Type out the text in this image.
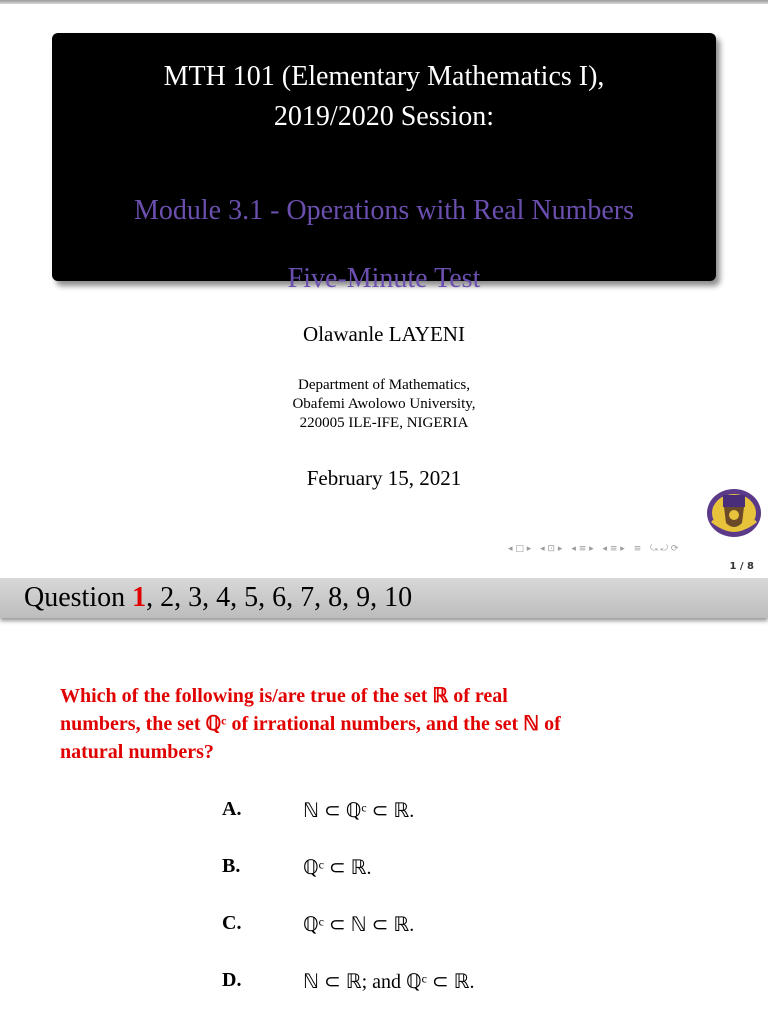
MTH 101 (Elementary Mathematics I),
2019/2020 Session:
Module 3.1 - Operations with Real Numbers
Five-Minute Test
Olawanle LAYENI
Department of Mathematics,
Obafemi Awolowo University,
220005 ILE-IFE, NIGERIA
February 15, 2021
◂ □ ▸ ◂ ⊡ ▸ ◂ ≡ ▸ ◂ ≡ ▸ ≡ ⤿ ⤾ ⟳
1 / 8
Question 1, 2, 3, 4, 5, 6, 7, 8, 9, 10
Which of the following is/are true of the set ℝ of real
numbers, the set ℚᶜ of irrational numbers, and the set ℕ of
natural numbers?
A.	ℕ ⊂ ℚᶜ ⊂ ℝ.
B.	ℚᶜ ⊂ ℝ.
C.	ℚᶜ ⊂ ℕ ⊂ ℝ.
D.	ℕ ⊂ ℝ; and ℚᶜ ⊂ ℝ.
